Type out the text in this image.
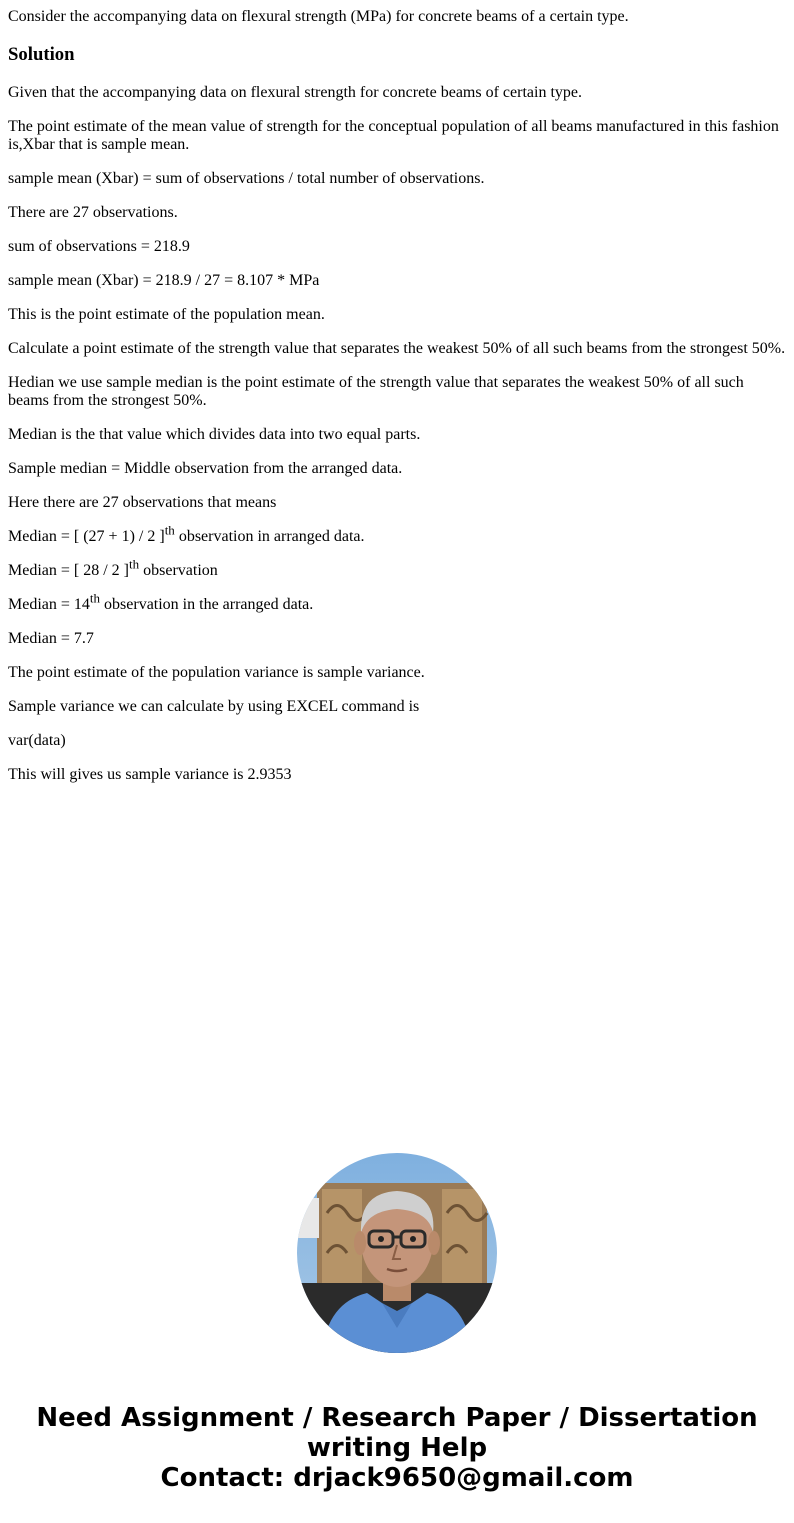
Consider the accompanying data on flexural strength (MPa) for concrete beams of a certain type.

Solution

Given that the accompanying data on flexural strength for concrete beams of certain type.

The point estimate of the mean value of strength for the conceptual population of all beams manufactured in this fashion is,Xbar that is sample mean.

sample mean (Xbar) = sum of observations / total number of observations.

There are 27 observations.

sum of observations = 218.9

sample mean (Xbar) = 218.9 / 27 = 8.107 * MPa

This is the point estimate of the population mean.

Calculate a point estimate of the strength value that separates the weakest 50% of all such beams from the strongest 50%.

Hedian we use sample median is the point estimate of the strength value that separates the weakest 50% of all such beams from the strongest 50%.

Median is the that value which divides data into two equal parts.

Sample median = Middle observation from the arranged data.

Here there are 27 observations that means

Median = [ (27 + 1) / 2 ]$^{th}$ observation in arranged data.

Median = [ 28 / 2 ]$^{th}$ observation

Median = 14th observation in the arranged data.

Median = 7.7

The point estimate of the population variance is sample variance.

Sample variance we can calculate by using EXCEL command is

var(data)

This will gives us sample variance is 2.9353

Need Assignment / Research Paper / Dissertation
writing Help
Contact: drjack9650@gmail.com
